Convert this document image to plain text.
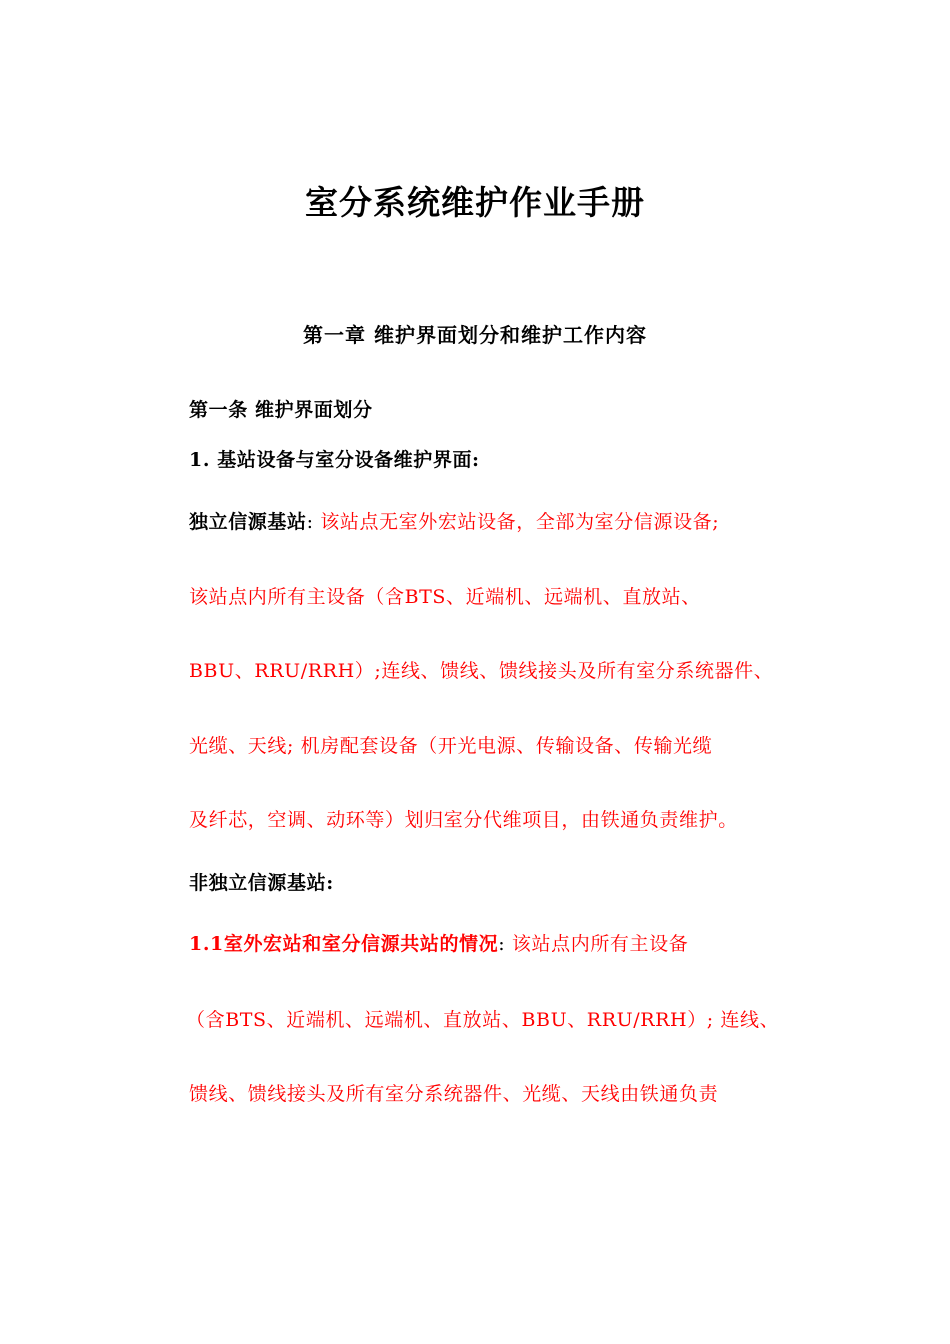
室分系统维护作业手册
第一章 维护界面划分和维护工作内容
第一条 维护界面划分
1. 基站设备与室分设备维护界面:
独立信源基站: 该站点无室外宏站设备，全部为室分信源设备;
该站点内所有主设备（含BTS、近端机、远端机、直放站、
BBU、RRU/RRH）;连线、馈线、馈线接头及所有室分系统器件、
光缆、天线; 机房配套设备（开光电源、传输设备、传输光缆
及纤芯，空调、动环等）划归室分代维项目，由铁通负责维护。
非独立信源基站:
1.1室外宏站和室分信源共站的情况: 该站点内所有主设备
（含BTS、近端机、远端机、直放站、BBU、RRU/RRH）; 连线、
馈线、馈线接头及所有室分系统器件、光缆、天线由铁通负责
